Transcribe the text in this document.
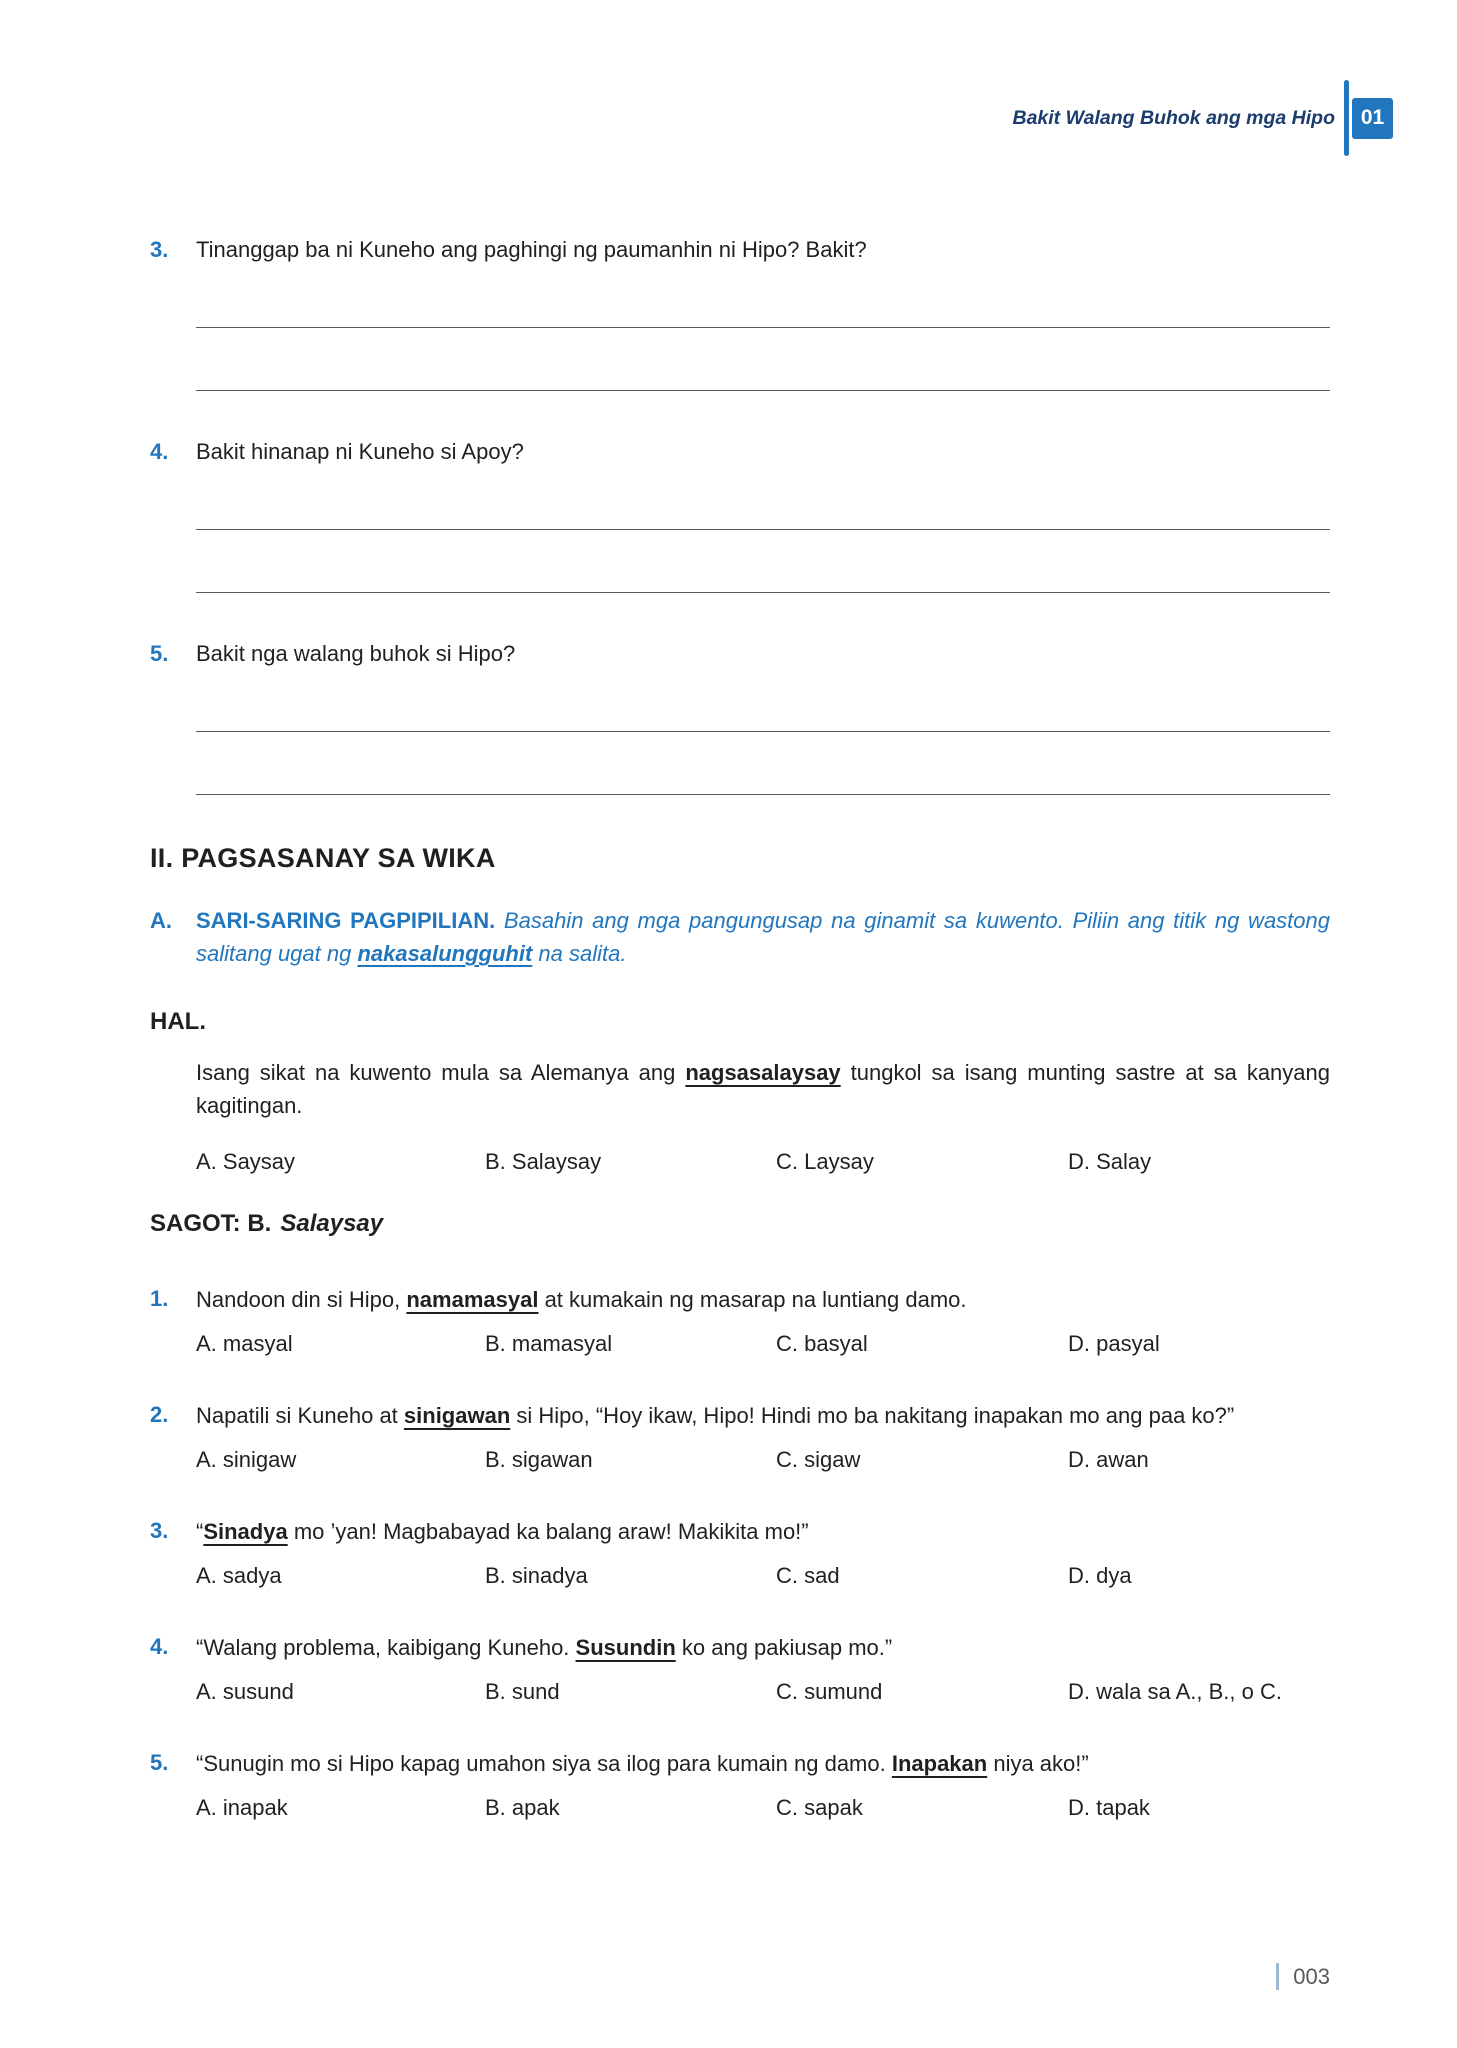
Bakit Walang Buhok ang mga Hipo	01
3.	Tinanggap ba ni Kuneho ang paghingi ng paumanhin ni Hipo? Bakit?

4.	Bakit hinanap ni Kuneho si Apoy?

5.	Bakit nga walang buhok si Hipo?

II. PAGSASANAY SA WIKA
A.	SARI-SARING PAGPIPILIAN. Basahin ang mga pangungusap na ginamit sa kuwento. Piliin ang titik ng wastong salitang ugat ng nakasalungguhit na salita.

HAL.

Isang sikat na kuwento mula sa Alemanya ang nagsasalaysay tungkol sa isang munting sastre at sa kanyang kagitingan.

A. Saysay	B. Salaysay	C. Laysay	D. Salay
SAGOT: B. Salaysay
1.	Nandoon din si Hipo, namamasyal at kumakain ng masarap na luntiang damo.

A. masyal	B. mamasyal	C. basyal	D. pasyal
2.	Napatili si Kuneho at sinigawan si Hipo, “Hoy ikaw, Hipo! Hindi mo ba nakitang inapakan mo ang paa ko?”

A. sinigaw	B. sigawan	C. sigaw	D. awan
3.	“Sinadya mo ’yan! Magbabayad ka balang araw! Makikita mo!”

A. sadya	B. sinadya	C. sad	D. dya
4.	“Walang problema, kaibigang Kuneho. Susundin ko ang pakiusap mo.”

A. susund	B. sund	C. sumund	D. wala sa A., B., o C.
5.	“Sunugin mo si Hipo kapag umahon siya sa ilog para kumain ng damo. Inapakan niya ako!”

A. inapak	B. apak	C. sapak	D. tapak
003
